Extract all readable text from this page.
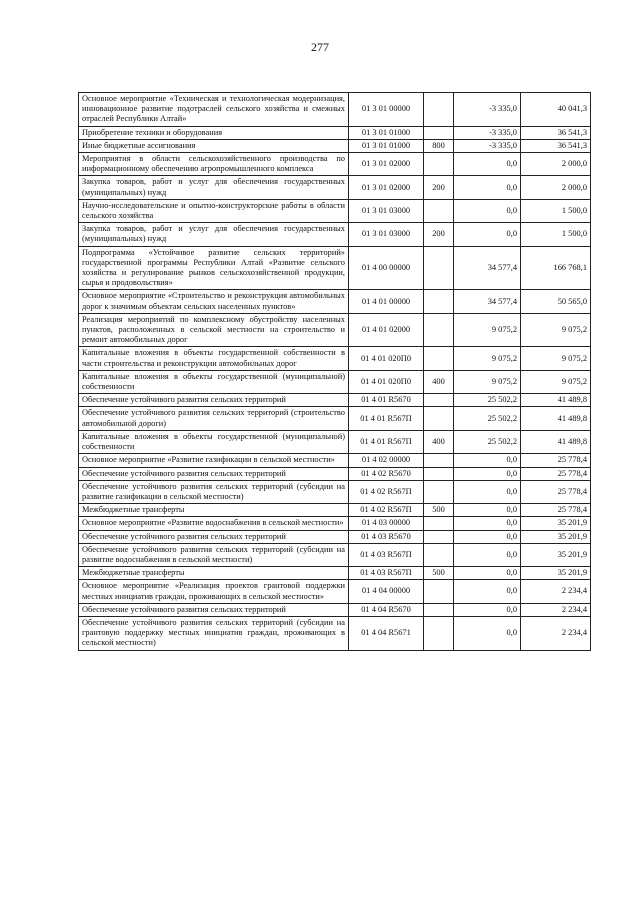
277
Основное мероприятие «Техническая и технологическая модернизация, инновационное развитие подотраслей сельского хозяйства и смежных отраслей Республики Алтай»	01 3 01 00000		-3 335,0	40 041,3
Приобретение техники и оборудования	01 3 01 01000		-3 335,0	36 541,3
Иные бюджетные ассигнования	01 3 01 01000	800	-3 335,0	36 541,3
Мероприятия в области сельскохозяйственного производства по информационному обеспечению агропромышленного комплекса	01 3 01 02000		0,0	2 000,0
Закупка товаров, работ и услуг для обеспечения государственных (муниципальных) нужд	01 3 01 02000	200	0,0	2 000,0
Научно-исследовательские и опытно-конструкторские работы в области сельского хозяйства	01 3 01 03000		0,0	1 500,0
Закупка товаров, работ и услуг для обеспечения государственных (муниципальных) нужд	01 3 01 03000	200	0,0	1 500,0
Подпрограмма «Устойчивое развитие сельских территорий» государственной программы Республики Алтай «Развитие сельского хозяйства и регулирование рынков сельскохозяйственной продукции, сырья и продовольствия»	01 4 00 00000		34 577,4	166 768,1
Основное мероприятие «Строительство и реконструкция автомобильных дорог к значимым объектам сельских населенных пунктов»	01 4 01 00000		34 577,4	50 565,0
Реализация мероприятий по комплексному обустройству населенных пунктов, расположенных в сельской местности на строительство и ремонт автомобильных дорог	01 4 01 02000		9 075,2	9 075,2
Капитальные вложения в объекты государственной собственности в части строительства и реконструкции автомобильных дорог	01 4 01 020П0		9 075,2	9 075,2
Капитальные вложения в объекты государственной (муниципальной) собственности	01 4 01 020П0	400	9 075,2	9 075,2
Обеспечение устойчивого развития сельских территорий	01 4 01 R5670		25 502,2	41 489,8
Обеспечение устойчивого развития сельских территорий (строительство автомобильной дороги)	01 4 01 R567П		25 502,2	41 489,8
Капитальные вложения в объекты государственной (муниципальной) собственности	01 4 01 R567П	400	25 502,2	41 489,8
Основное мероприятие «Развитие газификации в сельской местности»	01 4 02 00000		0,0	25 778,4
Обеспечение устойчивого развития сельских территорий	01 4 02 R5670		0,0	25 778,4
Обеспечение устойчивого развития сельских территорий (субсидии на развитие газификации в сельской местности)	01 4 02 R567П		0,0	25 778,4
Межбюджетные трансферты	01 4 02 R567П	500	0,0	25 778,4
Основное мероприятие «Развитие водоснабжения в сельской местности»	01 4 03 00000		0,0	35 201,9
Обеспечение устойчивого развития сельских территорий	01 4 03 R5670		0,0	35 201,9
Обеспечение устойчивого развития сельских территорий (субсидии на развитие водоснабжения в сельской местности)	01 4 03 R567П		0,0	35 201,9
Межбюджетные трансферты	01 4 03 R567П	500	0,0	35 201,9
Основное мероприятие «Реализация проектов грантовой поддержки местных инициатив граждан, проживающих в сельской местности»	01 4 04 00000		0,0	2 234,4
Обеспечение устойчивого развития сельских территорий	01 4 04 R5670		0,0	2 234,4
Обеспечение устойчивого развития сельских территорий (субсидии на грантовую поддержку местных инициатив граждан, проживающих в сельской местности)	01 4 04 R5671		0,0	2 234,4
